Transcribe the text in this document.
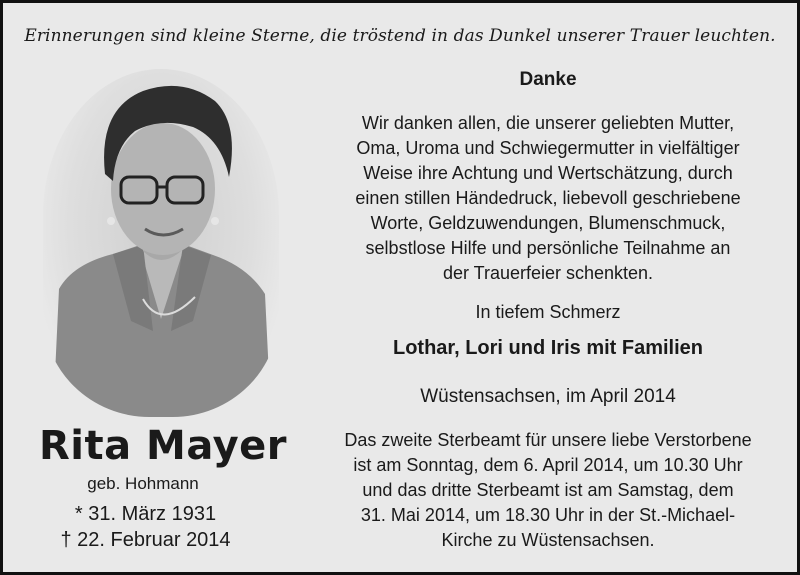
Erinnerungen sind kleine Sterne, die tröstend in das Dunkel unserer Trauer leuchten.
Rita Mayer
geb. Hohmann
* 31. März 1931
† 22. Februar 2014
Danke
Wir danken allen, die unserer geliebten Mutter,
Oma, Uroma und Schwiegermutter in vielfältiger
Weise ihre Achtung und Wertschätzung, durch
einen stillen Händedruck, liebevoll geschriebene
Worte, Geldzuwendungen, Blumenschmuck,
selbstlose Hilfe und persönliche Teilnahme an
der Trauerfeier schenkten.
In tiefem Schmerz
Lothar, Lori und Iris mit Familien
Wüstensachsen, im April 2014
Das zweite Sterbeamt für unsere liebe Verstorbene
ist am Sonntag, dem 6. April 2014, um 10.30 Uhr
und das dritte Sterbeamt ist am Samstag, dem
31. Mai 2014, um 18.30 Uhr in der St.-Michael-
Kirche zu Wüstensachsen.
